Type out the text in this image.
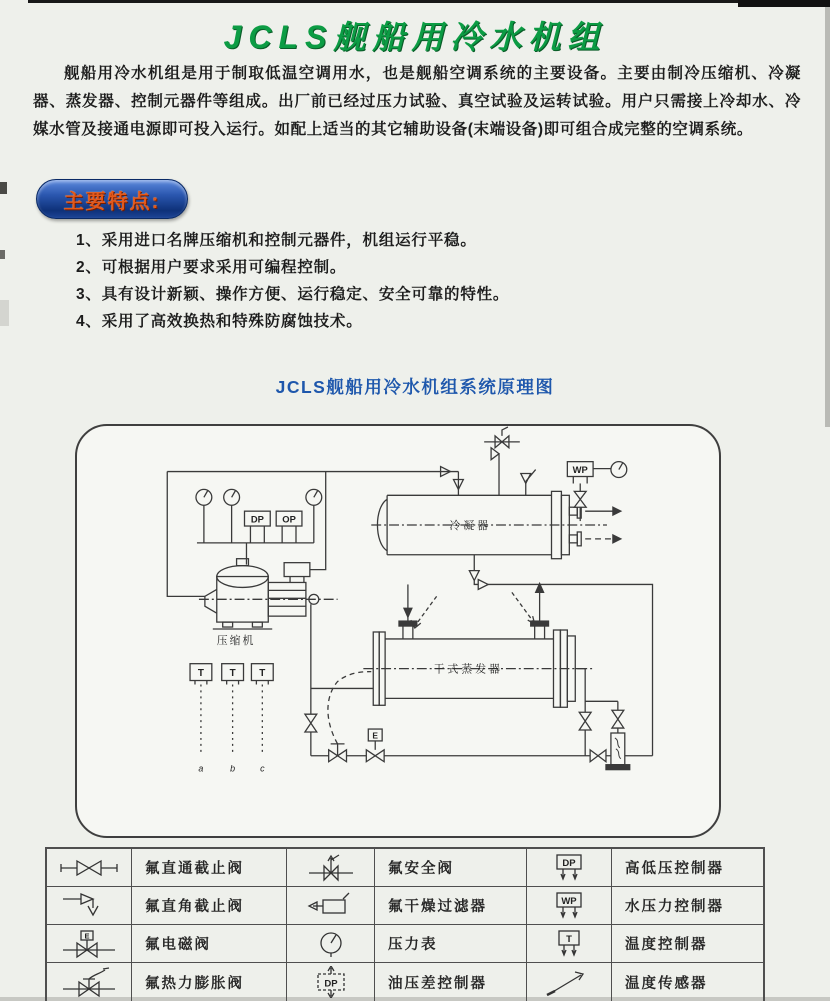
JCLS舰船用冷水机组
舰船用冷水机组是用于制取低温空调用水，也是舰船空调系统的主要设备。主要由制冷压缩机、冷凝器、蒸发器、控制元器件等组成。出厂前已经过压力试验、真空试验及运转试验。用户只需接上冷却水、冷媒水管及接通电源即可投入运行。如配上适当的其它辅助设备(末端设备)即可组合成完整的空调系统。
主要特点:
1、采用进口名牌压缩机和控制元器件，机组运行平稳。
2、可根据用户要求采用可编程控制。
3、具有设计新颖、操作方便、运行稳定、安全可靠的特性。
4、采用了高效换热和特殊防腐蚀技术。
JCLS舰船用冷水机组系统原理图
压缩机
冷凝器
干式蒸发器
DP OP
WP
T	T T
E
a	b	c
氟直通截止阀	氟安全阀	DP	高低压控制器
氟直角截止阀	氟干燥过滤器	WP	水压力控制器
E
氟电磁阀	压力表	T	温度控制器
氟热力膨胀阀	DP	油压差控制器	温度传感器
